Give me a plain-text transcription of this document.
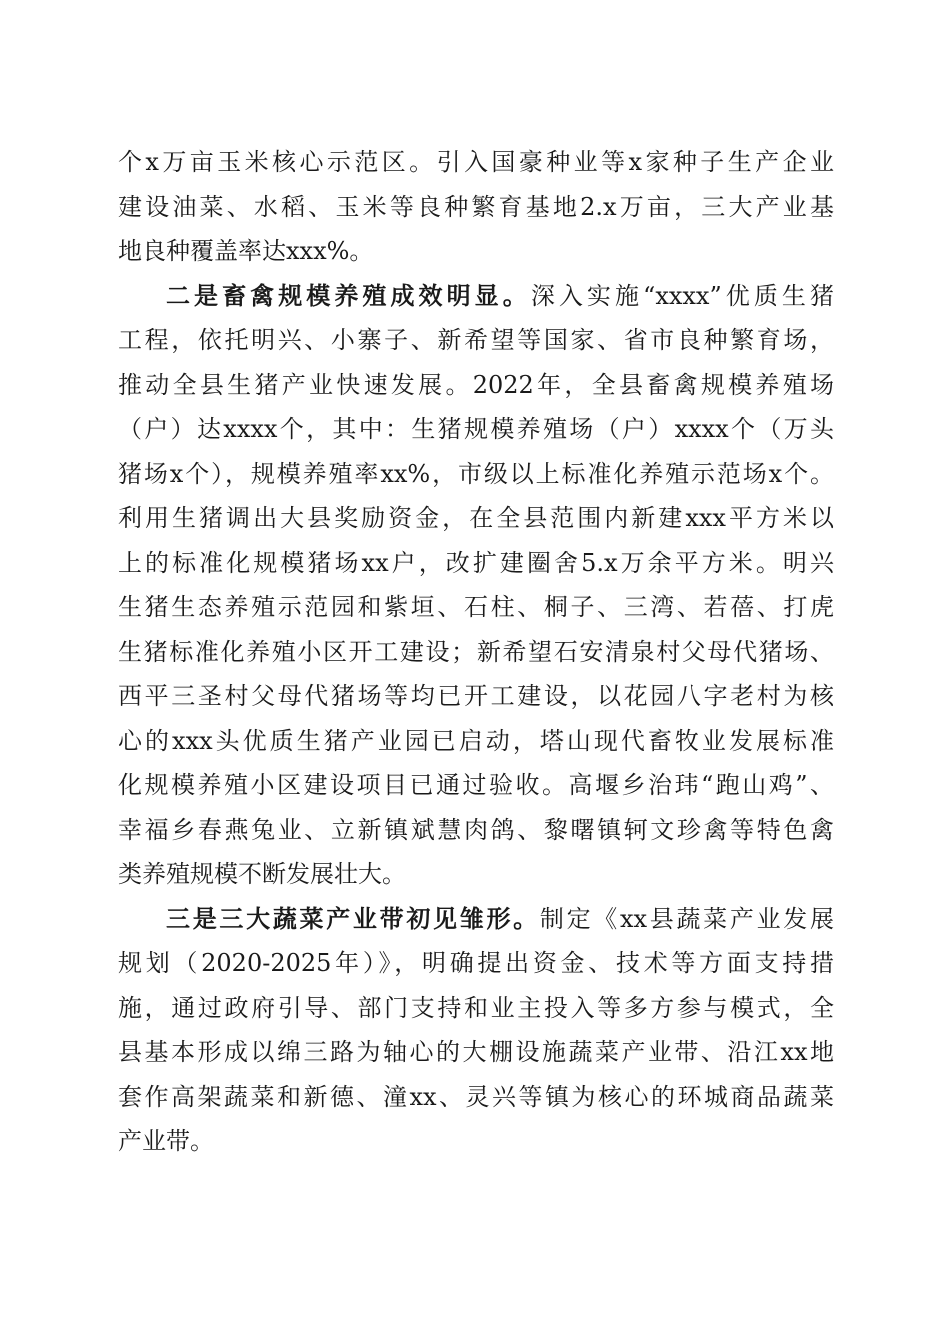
个x万亩玉米核心示范区。引入国豪种业等x家种子生产企业
建设油菜、水稻、玉米等良种繁育基地2.x万亩，三大产业基
地良种覆盖率达xxx%。
二是畜禽规模养殖成效明显。深入实施“xxxx”优质生猪
工程，依托明兴、小寨子、新希望等国家、省市良种繁育场，
推动全县生猪产业快速发展。2022年，全县畜禽规模养殖场
（户）达xxxx个，其中：生猪规模养殖场（户）xxxx个（万头
猪场x个），规模养殖率xx%，市级以上标准化养殖示范场x个。
利用生猪调出大县奖励资金，在全县范围内新建xxx平方米以
上的标准化规模猪场xx户，改扩建圈舍5.x万余平方米。明兴
生猪生态养殖示范园和紫垣、石柱、桐子、三湾、若蓓、打虎
生猪标准化养殖小区开工建设；新希望石安清泉村父母代猪场、
西平三圣村父母代猪场等均已开工建设，以花园八字老村为核
心的xxx头优质生猪产业园已启动，塔山现代畜牧业发展标准
化规模养殖小区建设项目已通过验收。高堰乡治玮“跑山鸡”、
幸福乡春燕兔业、立新镇斌慧肉鸽、黎曙镇轲文珍禽等特色禽
类养殖规模不断发展壮大。
三是三大蔬菜产业带初见雏形。制定《xx县蔬菜产业发展
规划（2020-2025年）》，明确提出资金、技术等方面支持措
施，通过政府引导、部门支持和业主投入等多方参与模式，全
县基本形成以绵三路为轴心的大棚设施蔬菜产业带、沿江xx地
套作高架蔬菜和新德、潼xx、灵兴等镇为核心的环城商品蔬菜
产业带。
